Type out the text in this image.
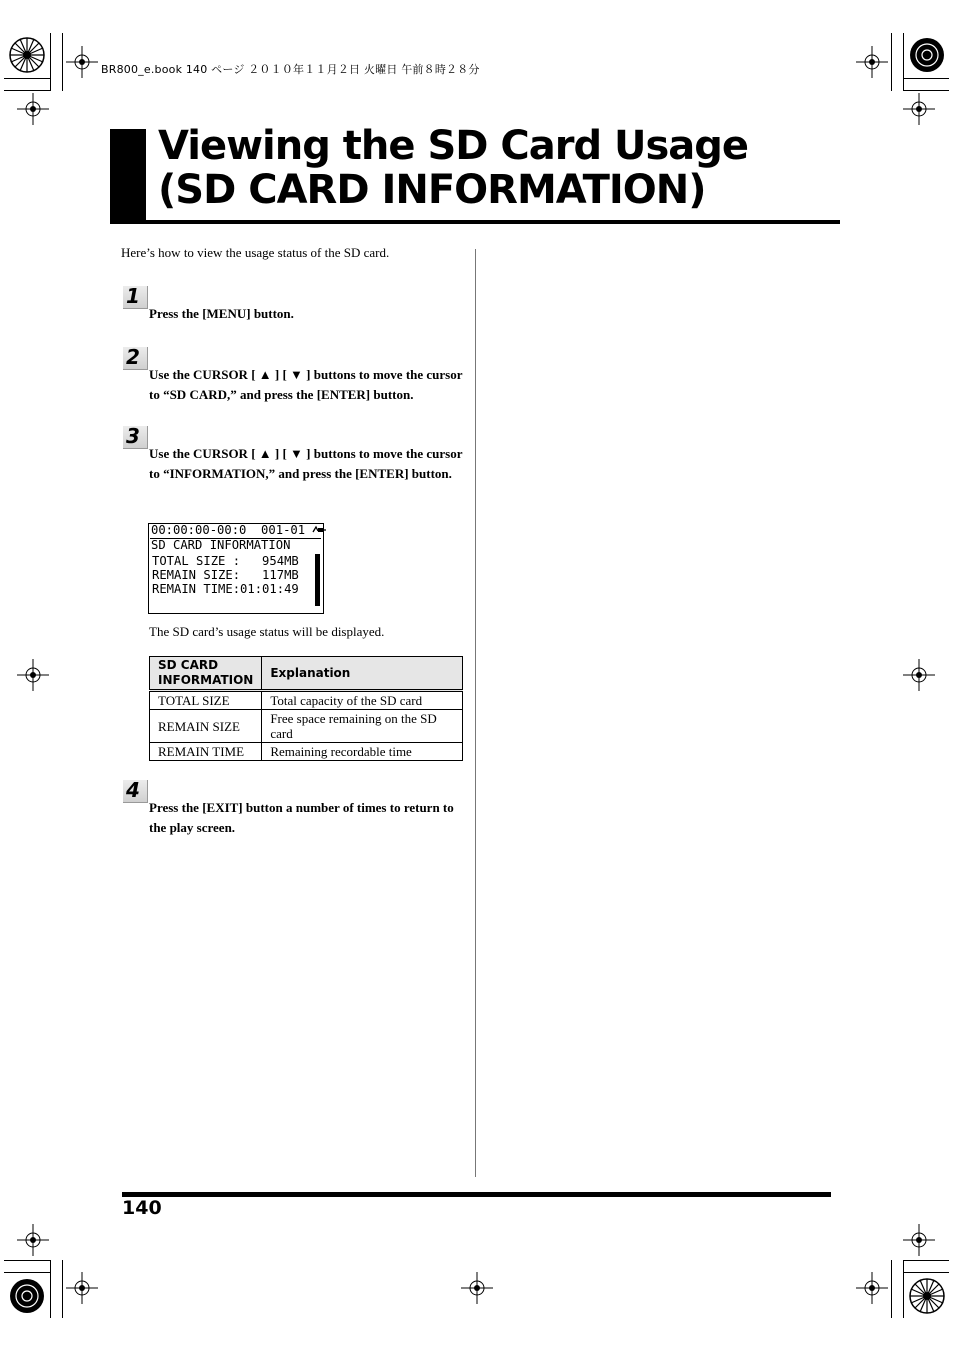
BR800_e.book 140 ページ ２０１０年１１月２日 火曜日 午前８時２８分
Viewing the SD Card Usage
(SD CARD INFORMATION)
Here’s how to view the usage status of the SD card.
1
Press the [MENU] button.
2
Use the CURSOR [ ▲ ] [ ▼ ] buttons to move the cursor to “SD CARD,” and press the [ENTER] button.
3
Use the CURSOR [ ▲ ] [ ▼ ] buttons to move the cursor to “INFORMATION,” and press the [ENTER] button.
00:00:00-00:0  001-01
SD CARD INFORMATION
TOTAL SIZE :   954MB
REMAIN SIZE:   117MB
REMAIN TIME:01:01:49
The SD card’s usage status will be displayed.
SD CARD INFORMATION	Explanation
TOTAL SIZE	Total capacity of the SD card
REMAIN SIZE	Free space remaining on the SD card
REMAIN TIME	Remaining recordable time
4
Press the [EXIT] button a number of times to return to the play screen.
140
